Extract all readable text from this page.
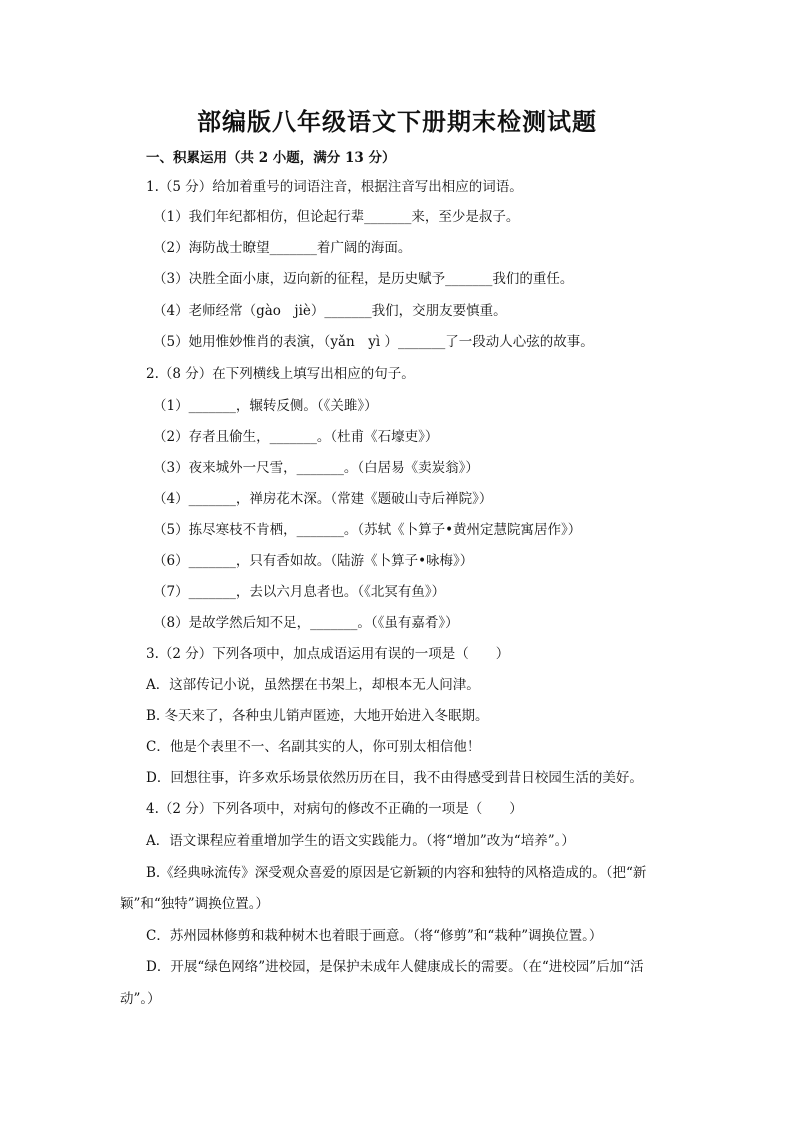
部编版八年级语文下册期末检测试题
一、积累运用（共 2 小题，满分 13 分）
1.（5 分）给加着重号的词语注音，根据注音写出相应的词语。
（1）我们年纪都相仿，但论起行辈_______来，至少是叔子。
（2）海防战士瞭望_______着广阔的海面。
（3）决胜全面小康，迈向新的征程，是历史赋予_______我们的重任。
（4）老师经常（gào　jiè）_______我们，交朋友要慎重。
（5）她用惟妙惟肖的表演，（yǎn　yì ）_______了一段动人心弦的故事。
2.（8 分）在下列横线上填写出相应的句子。
（1）_______，辗转反侧。（《关雎》）
（2）存者且偷生，_______。（杜甫《石壕吏》）
（3）夜来城外一尺雪，_______。（白居易《卖炭翁》）
（4）_______，禅房花木深。（常建《题破山寺后禅院》）
（5）拣尽寒枝不肯栖，_______。（苏轼《卜算子•黄州定慧院寓居作》）
（6）_______，只有香如故。（陆游《卜算子•咏梅》）
（7）_______，去以六月息者也。（《北冥有鱼》）
（8）是故学然后知不足，_______。（《虽有嘉肴》）
3.（2 分）下列各项中，加点成语运用有误的一项是（　　）
A．这部传记小说，虽然摆在书架上，却根本无人问津。
B. 冬天来了，各种虫儿销声匿迹，大地开始进入冬眠期。
C．他是个表里不一、名副其实的人，你可别太相信他！
D．回想往事，许多欢乐场景依然历历在目，我不由得感受到昔日校园生活的美好。
4.（2 分）下列各项中，对病句的修改不正确的一项是（　　）
A．语文课程应着重增加学生的语文实践能力。（将“增加”改为“培养”。）
B.《经典咏流传》深受观众喜爱的原因是它新颖的内容和独特的风格造成的。（把“新
颖”和“独特”调换位置。）
C．苏州园林修剪和栽种树木也着眼于画意。（将“修剪”和“栽种”调换位置。）
D．开展“绿色网络”进校园，是保护未成年人健康成长的需要。（在“进校园”后加“活
动”。）
